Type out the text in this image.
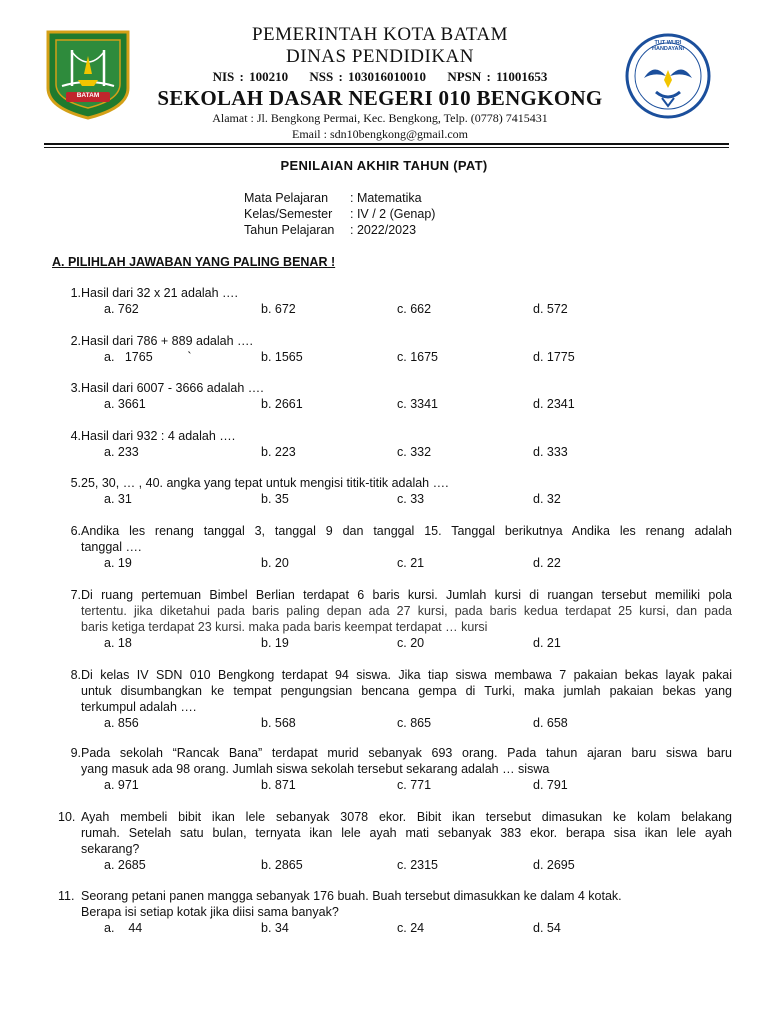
BATAM
PEMERINTAH KOTA BATAM
DINAS PENDIDIKAN
NIS : 100210 NSS : 103016010010 NPSN : 11001653
SEKOLAH DASAR NEGERI 010 BENGKONG
Alamat : Jl. Bengkong Permai, Kec. Bengkong, Telp. (0778) 7415431
Email : sdn10bengkong@gmail.com
TUT WURI HANDAYANI
PENILAIAN AKHIR TAHUN (PAT)
Mata Pelajaran	: Matematika
Kelas/Semester	: IV / 2 (Genap)
Tahun Pelajaran	: 2022/2023
A. PILIHLAH JAWABAN YANG PALING BENAR !
1. Hasil dari 32 x 21 adalah ….
a. 762	b. 672	c. 662	d. 572
2. Hasil dari 786 + 889 adalah ….
a.   1765          `	b. 1565	c. 1675	d. 1775
3. Hasil dari 6007 - 3666 adalah ….
a. 3661	b. 2661	c. 3341	d. 2341
4. Hasil dari 932 : 4 adalah ….
a. 233	b. 223	c. 332	d. 333
5. 25, 30, … , 40. angka yang tepat untuk mengisi titik-titik adalah ….
a. 31	b. 35	c. 33	d. 32
6. Andika les renang tanggal 3, tanggal 9 dan tanggal 15. Tanggal berikutnya Andika les renang adalah
tanggal ….
a. 19	b. 20	c. 21	d. 22
7. Di ruang pertemuan Bimbel Berlian terdapat 6 baris kursi. Jumlah kursi di ruangan tersebut memiliki pola
tertentu. jika diketahui pada baris paling depan ada 27 kursi, pada baris kedua terdapat 25 kursi, dan pada
baris ketiga terdapat 23 kursi. maka pada baris keempat terdapat … kursi
a. 18	b. 19	c. 20	d. 21
8. Di kelas IV SDN 010 Bengkong terdapat 94 siswa. Jika tiap siswa membawa 7 pakaian bekas layak pakai
untuk disumbangkan ke tempat pengungsian bencana gempa di Turki, maka jumlah pakaian bekas yang
terkumpul adalah ….
a. 856	b. 568	c. 865	d. 658
9. Pada sekolah “Rancak Bana” terdapat murid sebanyak 693 orang. Pada tahun ajaran baru siswa baru
yang masuk ada 98 orang. Jumlah siswa sekolah tersebut sekarang adalah … siswa
a. 971	b. 871	c. 771	d. 791
10. Ayah membeli bibit ikan lele sebanyak 3078 ekor. Bibit ikan tersebut dimasukan ke kolam belakang
rumah. Setelah satu bulan, ternyata ikan lele ayah mati sebanyak 383 ekor. berapa sisa ikan lele ayah
sekarang?
a. 2685	b. 2865	c. 2315	d. 2695
11. Seorang petani panen mangga sebanyak 176 buah. Buah tersebut dimasukkan ke dalam 4 kotak.
Berapa isi setiap kotak jika diisi sama banyak?
a.    44	b. 34	c. 24	d. 54
